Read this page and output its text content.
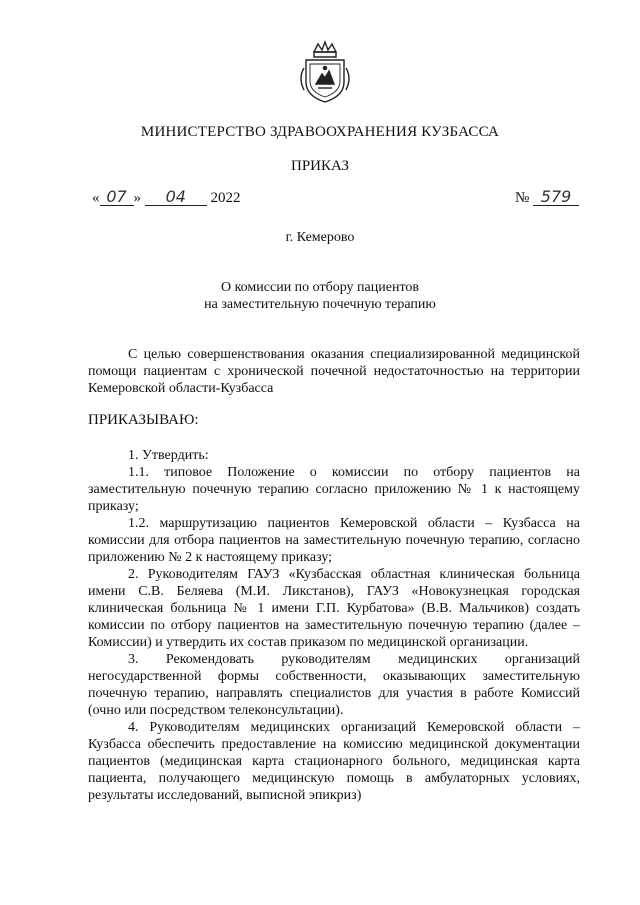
МИНИСТЕРСТВО ЗДРАВООХРАНЕНИЯ КУЗБАССА
ПРИКАЗ
« 07 » 04 2022	№ 579
г. Кемерово
О комиссии по отбору пациентов
на заместительную почечную терапию
С целью совершенствования оказания специализированной медицинской помощи пациентам с хронической почечной недостаточностью на территории Кемеровской области-Кузбасса
ПРИКАЗЫВАЮ:

1. Утвердить:

1.1. типовое Положение о комиссии по отбору пациентов на заместительную почечную терапию согласно приложению № 1 к настоящему приказу;

1.2. маршрутизацию пациентов Кемеровской области – Кузбасса на комиссии для отбора пациентов на заместительную почечную терапию, согласно приложению № 2 к настоящему приказу;

2. Руководителям ГАУЗ «Кузбасская областная клиническая больница имени С.В. Беляева (М.И. Ликстанов), ГАУЗ «Новокузнецкая городская клиническая больница № 1 имени Г.П. Курбатова» (В.В. Мальчиков) создать комиссии по отбору пациентов на заместительную почечную терапию (далее – Комиссии) и утвердить их состав приказом по медицинской организации.

3. Рекомендовать руководителям медицинских организаций негосударственной формы собственности, оказывающих заместительную почечную терапию, направлять специалистов для участия в работе Комиссий (очно или посредством телеконсультации).

4. Руководителям медицинских организаций Кемеровской области – Кузбасса обеспечить предоставление на комиссию медицинской документации пациентов (медицинская карта стационарного больного, медицинская карта пациента, получающего медицинскую помощь в амбулаторных условиях, результаты исследований, выписной эпикриз)
